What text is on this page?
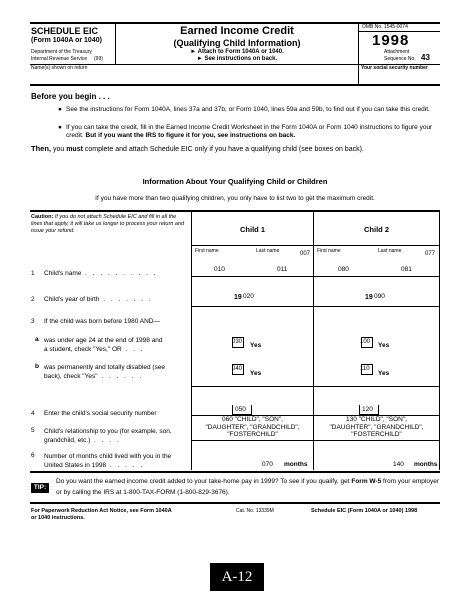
SCHEDULE EIC
(Form 1040A or 1040)
Department of the Treasury
Internal Revenue Service (99)
Earned Income Credit
(Qualifying Child Information)
► Attach to Form 1040A or 1040.
► See instructions on back.
OMB No. 1545-0074
1998
Attachment
Sequence No. 43
Name(s) shown on return	Your social security number
Before you begin . . .
● See the instructions for Form 1040A, lines 37a and 37b, or Form 1040, lines 59a and 59b, to find out if you can take this credit.
● If you can take the credit, fill in the Earned Income Credit Worksheet in the Form 1040A or Form 1040 instructions to figure your credit. But if you want the IRS to figure it for you, see instructions on back.
Then, you must complete and attach Schedule EIC only if you have a qualifying child (see boxes on back).
Information About Your Qualifying Child or Children
If you have more than two qualifying children, you only have to list two to get the maximum credit.
Caution: If you do not attach Schedule EIC and fill in all the lines that apply, it will take us longer to process your return and issue your refund.	Child 1	Child 2
First name	Last name	007 First name	Last name	077
1 Child's name . . . . . . . . . .
010	011	080	081
2 Child's year of birth . . . . . . .	19 020	19 090
3 If the child was born before 1980 AND—
a was under age 24 at the end of 1998 and
a student, check "Yes," OR . . .
030 Yes	100 Yes
b was permanently and totally disabled (see
back), check "Yes" . . . . . .
040
Yes
110
Yes
4 Enter the child's social security number
050	120
5 Child's relationship to you (for example, son,
grandchild, etc.) . . . .
060 "CHILD", "SON",
"DAUGHTER", "GRANDCHILD",
"FOSTERCHILD"
130 "CHILD", "SON",
"DAUGHTER", "GRANDCHILD",
"FOSTERCHILD"
6 Number of months child lived with you in the
United States in 1998 . . . . .	070 months	140 months
TIP:
Do you want the earned income credit added to your take-home pay in 1999? To see if you qualify, get Form W-5 from your employer or by calling the IRS at 1-800-TAX-FORM (1-800-829-3676).
For Paperwork Reduction Act Notice, see Form 1040A
or 1040 instructions.
Cat. No. 13339M	Schedule EIC (Form 1040A or 1040) 1998
A-12
